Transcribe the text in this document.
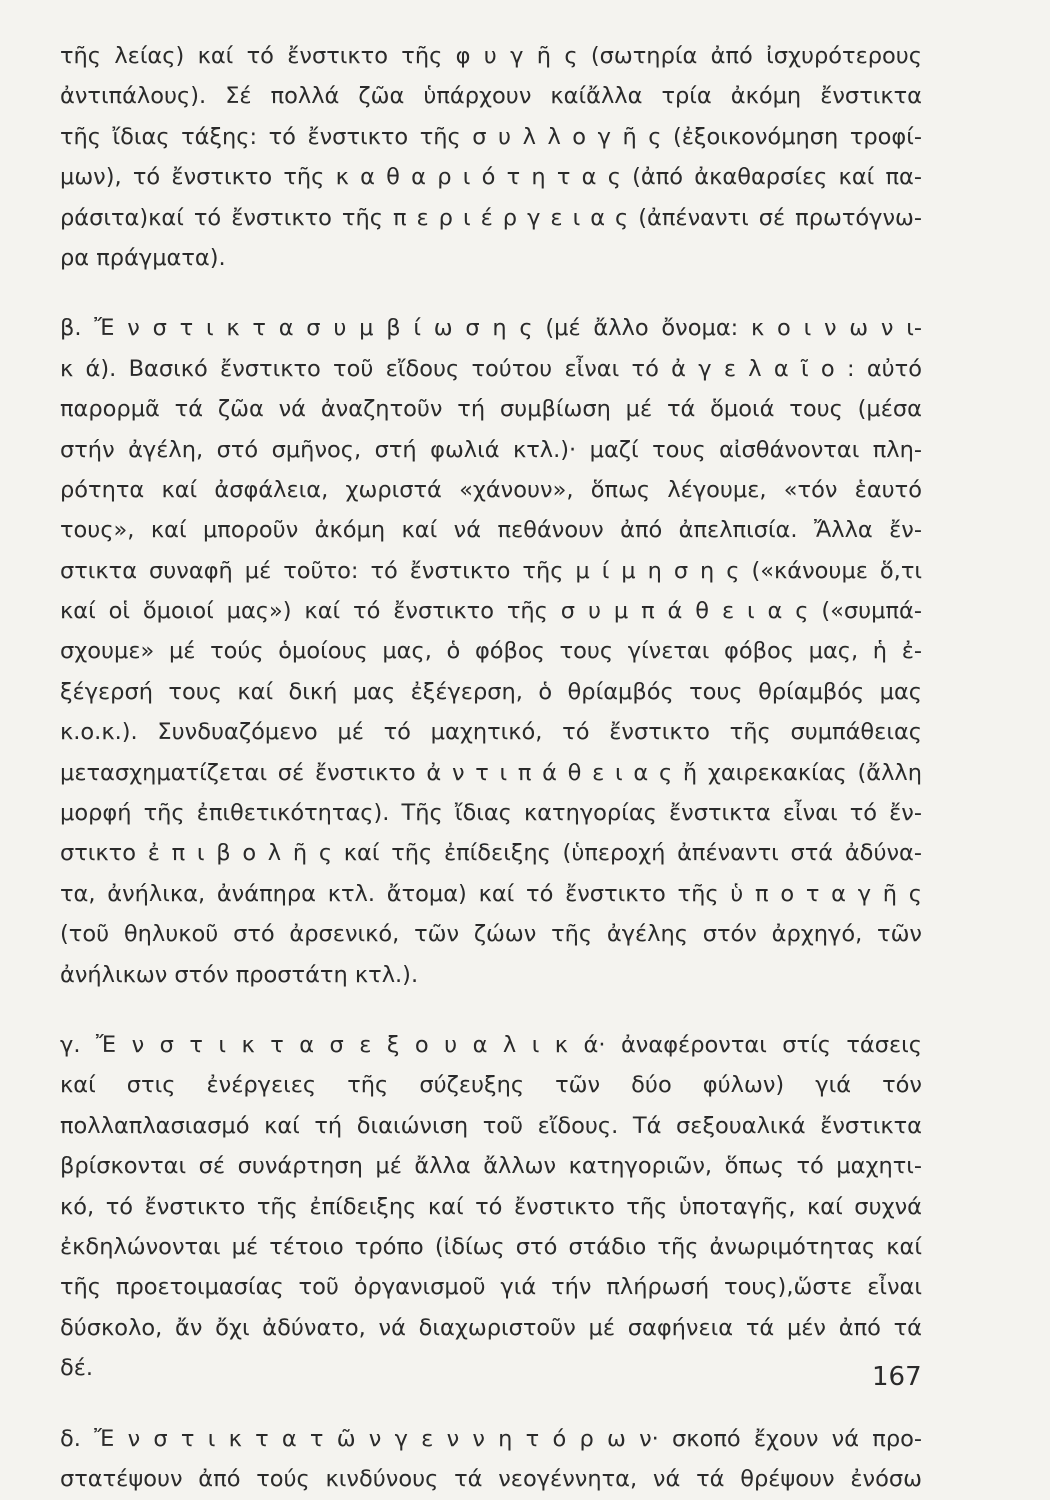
τῆς λείας) καί τό ἔνστικτο τῆς φ υ γ ῆ ς (σωτηρία ἀπό ἰσχυρότερους
ἀντιπάλους). Σέ πολλά ζῶα ὑπάρχουν καίἄλλα τρία ἀκόμη ἔνστικτα
τῆς ἴδιας τάξης: τό ἔνστικτο τῆς σ υ λ λ ο γ ῆ ς (ἐξοικονόμηση τροφί-
μων), τό ἔνστικτο τῆς κ α θ α ρ ι ό τ η τ α ς (ἀπό ἀκαθαρσίες καί πα-
ράσιτα)καί τό ἔνστικτο τῆς π ε ρ ι έ ρ γ ε ι α ς (ἀπέναντι σέ πρωτόγνω-
ρα πράγματα).
β. Ἔ ν σ τ ι κ τ α σ υ μ β ί ω σ η ς (μέ ἄλλο ὄνομα: κ ο ι ν ω ν ι-
κ ά). Βασικό ἔνστικτο τοῦ εἴδους τούτου εἶναι τό ἀ γ ε λ α ῖ ο : αὐτό
παρορμᾶ τά ζῶα νά ἀναζητοῦν τή συμβίωση μέ τά ὅμοιά τους (μέσα
στήν ἀγέλη, στό σμῆνος, στή φωλιά κτλ.)· μαζί τους αἰσθάνονται πλη-
ρότητα καί ἀσφάλεια, χωριστά «χάνουν», ὅπως λέγουμε, «τόν ἑαυτό
τους», καί μποροῦν ἀκόμη καί νά πεθάνουν ἀπό ἀπελπισία. Ἄλλα ἔν-
στικτα συναφῆ μέ τοῦτο: τό ἔνστικτο τῆς μ ί μ η σ η ς («κάνουμε ὅ,τι
καί οἱ ὅμοιοί μας») καί τό ἔνστικτο τῆς σ υ μ π ά θ ε ι α ς («συμπά-
σχουμε» μέ τούς ὁμοίους μας, ὁ φόβος τους γίνεται φόβος μας, ἡ ἐ-
ξέγερσή τους καί δική μας ἐξέγερση, ὁ θρίαμβός τους θρίαμβός μας
κ.ο.κ.). Συνδυαζόμενο μέ τό μαχητικό, τό ἔνστικτο τῆς συμπάθειας
μετασχηματίζεται σέ ἔνστικτο ἀ ν τ ι π ά θ ε ι α ς ἤ χαιρεκακίας (ἄλλη
μορφή τῆς ἐπιθετικότητας). Τῆς ἴδιας κατηγορίας ἔνστικτα εἶναι τό ἔν-
στικτο ἐ π ι β ο λ ῆ ς καί τῆς ἐπίδειξης (ὑπεροχή ἀπέναντι στά ἀδύνα-
τα, ἀνήλικα, ἀνάπηρα κτλ. ἄτομα) καί τό ἔνστικτο τῆς ὑ π ο τ α γ ῆ ς
(τοῦ θηλυκοῦ στό ἀρσενικό, τῶν ζώων τῆς ἀγέλης στόν ἀρχηγό, τῶν
ἀνήλικων στόν προστάτη κτλ.).
γ. Ἔ ν σ τ ι κ τ α σ ε ξ ο υ α λ ι κ ά· ἀναφέρονται στίς τάσεις
καί στις ἐνέργειες τῆς σύζευξης τῶν δύο φύλων) γιά τόν
πολλαπλασιασμό καί τή διαιώνιση τοῦ εἴδους. Τά σεξουαλικά ἔνστικτα
βρίσκονται σέ συνάρτηση μέ ἄλλα ἄλλων κατηγοριῶν, ὅπως τό μαχητι-
κό, τό ἔνστικτο τῆς ἐπίδειξης καί τό ἔνστικτο τῆς ὑποταγῆς, καί συχνά
ἐκδηλώνονται μέ τέτοιο τρόπο (ἰδίως στό στάδιο τῆς ἀνωριμότητας καί
τῆς προετοιμασίας τοῦ ὀργανισμοῦ γιά τήν πλήρωσή τους),ὥστε εἶναι
δύσκολο, ἄν ὄχι ἀδύνατο, νά διαχωριστοῦν μέ σαφήνεια τά μέν ἀπό τά
δέ.
δ. Ἔ ν σ τ ι κ τ α τ ῶ ν γ ε ν ν η τ ό ρ ω ν· σκοπό ἔχουν νά προ-
στατέψουν ἀπό τούς κινδύνους τά νεογέννητα, νά τά θρέψουν ἐνόσω
167
